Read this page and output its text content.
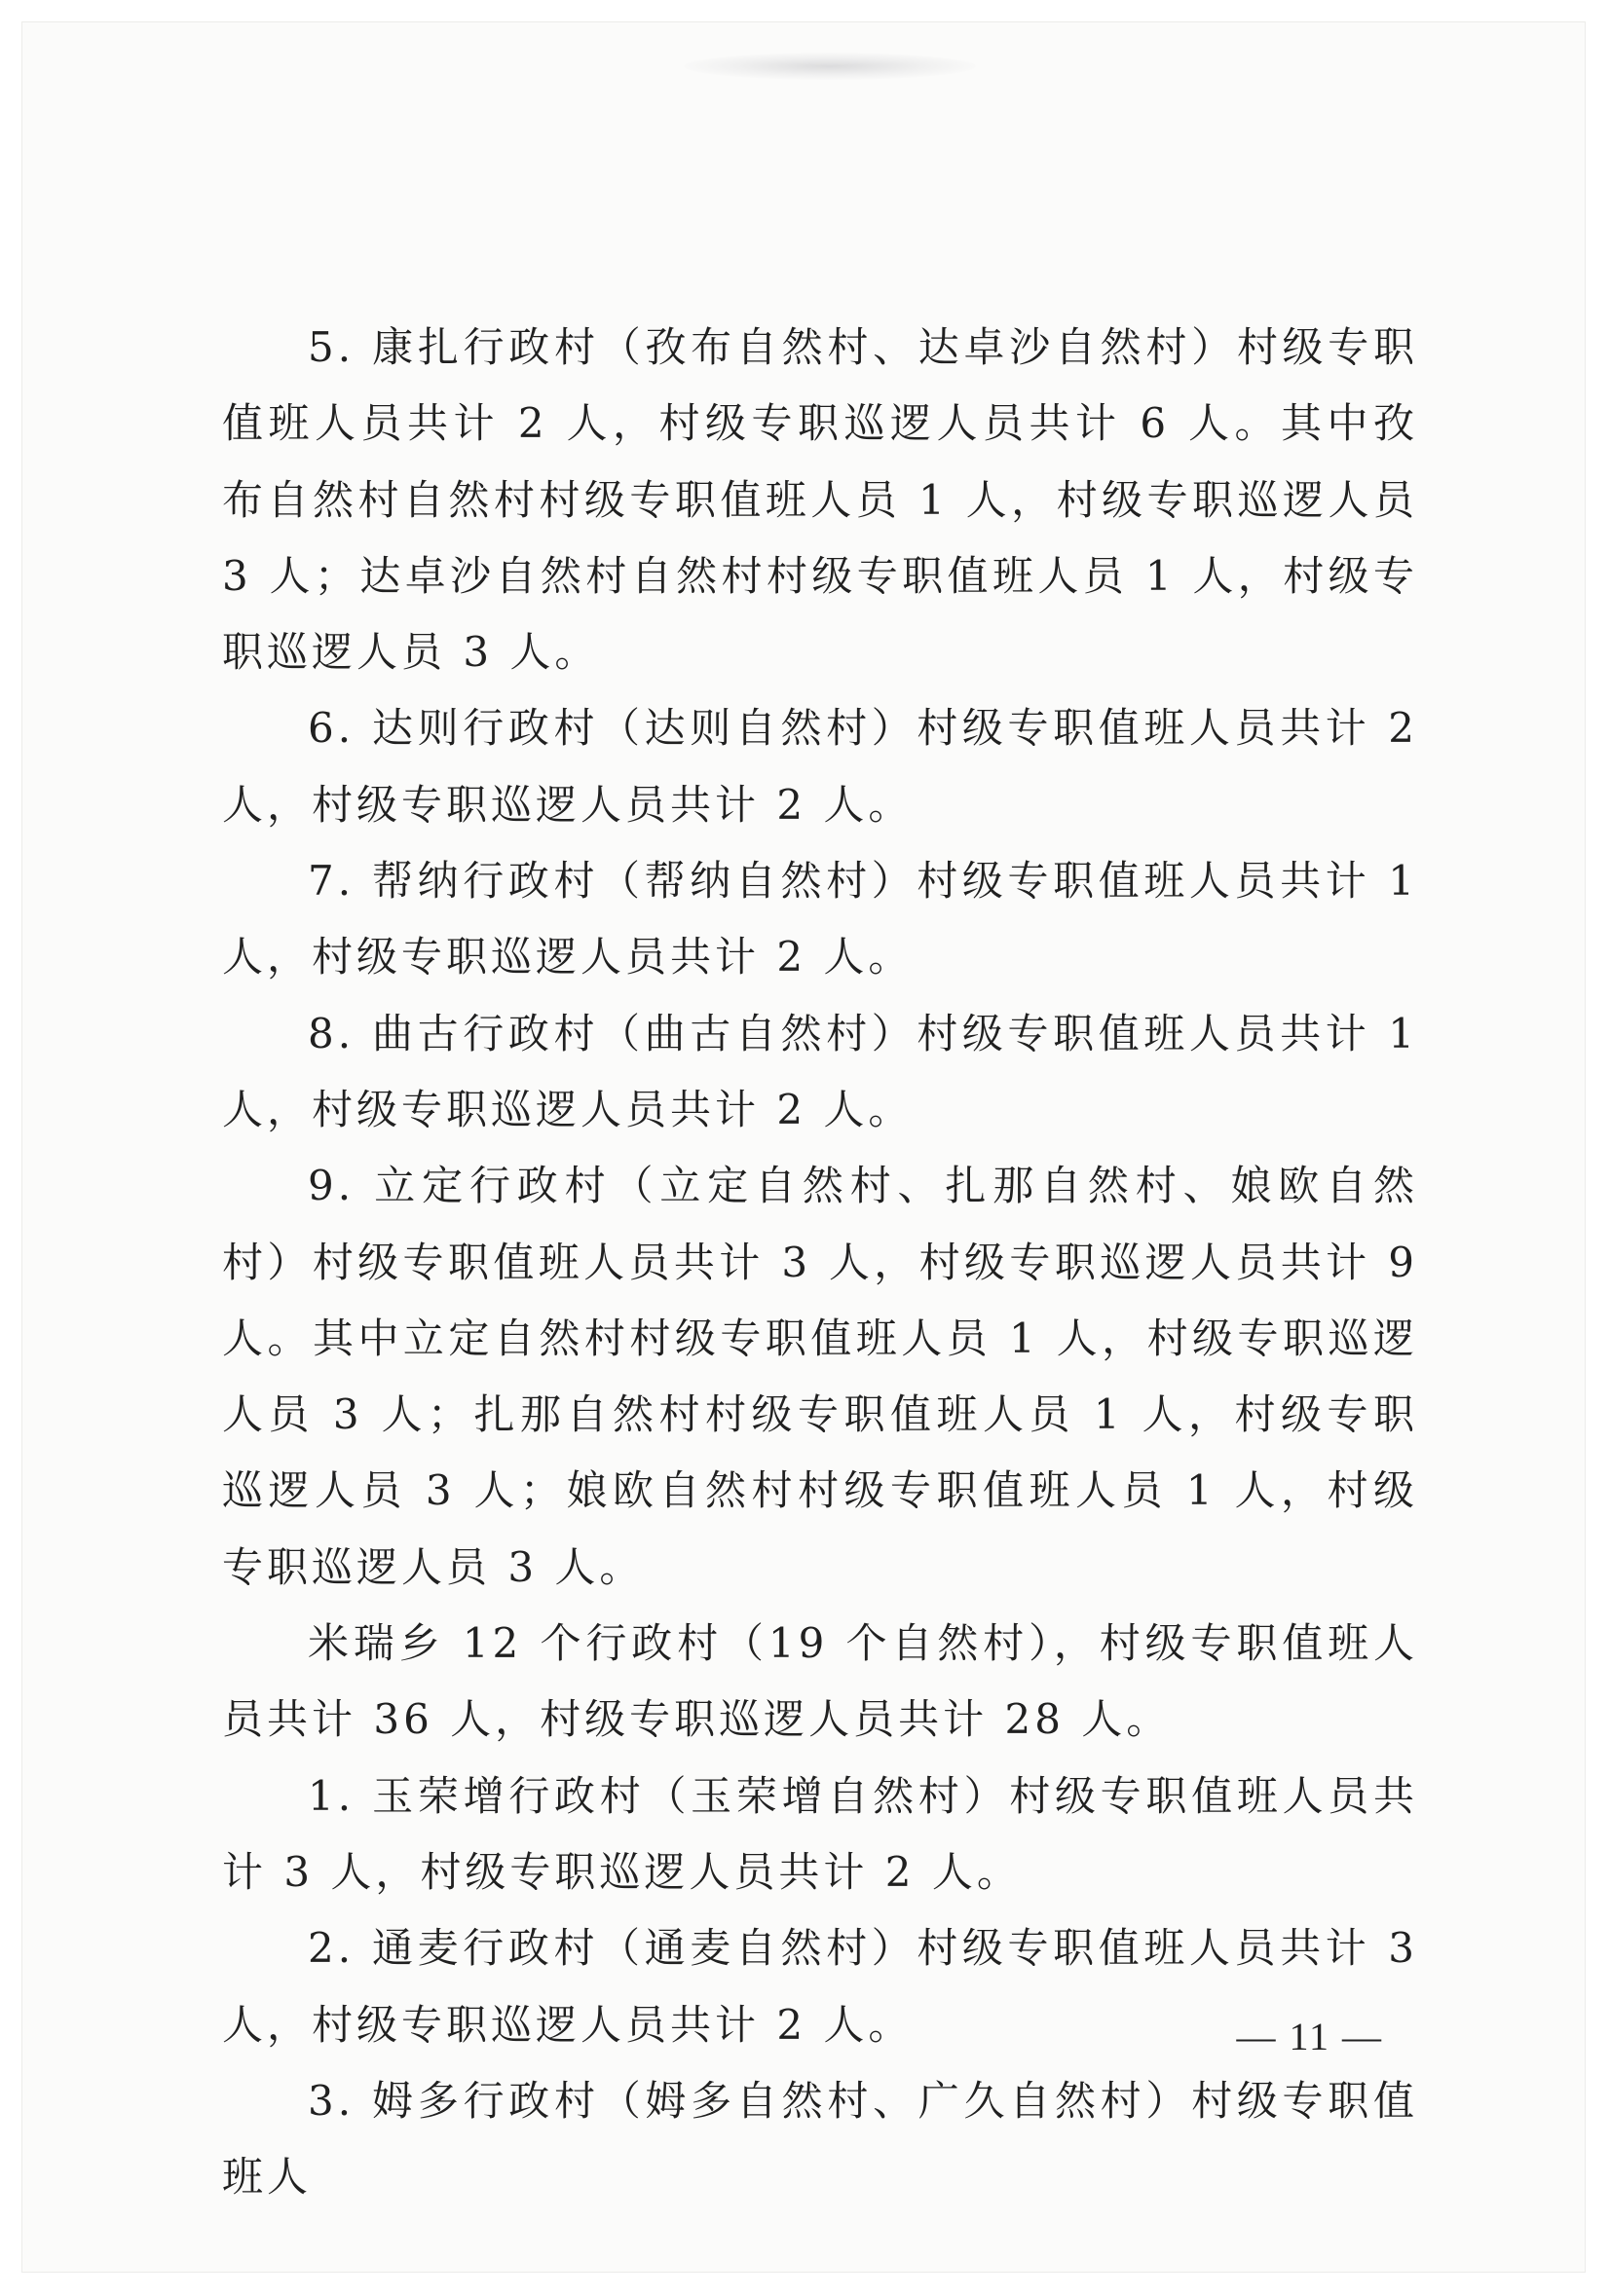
5. 康扎行政村（孜布自然村、达卓沙自然村）村级专职值班人员共计 2 人，村级专职巡逻人员共计 6 人。其中孜布自然村自然村村级专职值班人员 1 人，村级专职巡逻人员 3 人；达卓沙自然村自然村村级专职值班人员 1 人，村级专职巡逻人员 3 人。

6. 达则行政村（达则自然村）村级专职值班人员共计 2 人，村级专职巡逻人员共计 2 人。

7. 帮纳行政村（帮纳自然村）村级专职值班人员共计 1 人，村级专职巡逻人员共计 2 人。

8. 曲古行政村（曲古自然村）村级专职值班人员共计 1 人，村级专职巡逻人员共计 2 人。

9. 立定行政村（立定自然村、扎那自然村、娘欧自然村）村级专职值班人员共计 3 人，村级专职巡逻人员共计 9 人。其中立定自然村村级专职值班人员 1 人，村级专职巡逻人员 3 人；扎那自然村村级专职值班人员 1 人，村级专职巡逻人员 3 人；娘欧自然村村级专职值班人员 1 人，村级专职巡逻人员 3 人。

米瑞乡 12 个行政村（19 个自然村），村级专职值班人员共计 36 人，村级专职巡逻人员共计 28 人。

1. 玉荣增行政村（玉荣增自然村）村级专职值班人员共计 3 人，村级专职巡逻人员共计 2 人。

2. 通麦行政村（通麦自然村）村级专职值班人员共计 3 人，村级专职巡逻人员共计 2 人。

3. 姆多行政村（姆多自然村、广久自然村）村级专职值班人

— 11 —
